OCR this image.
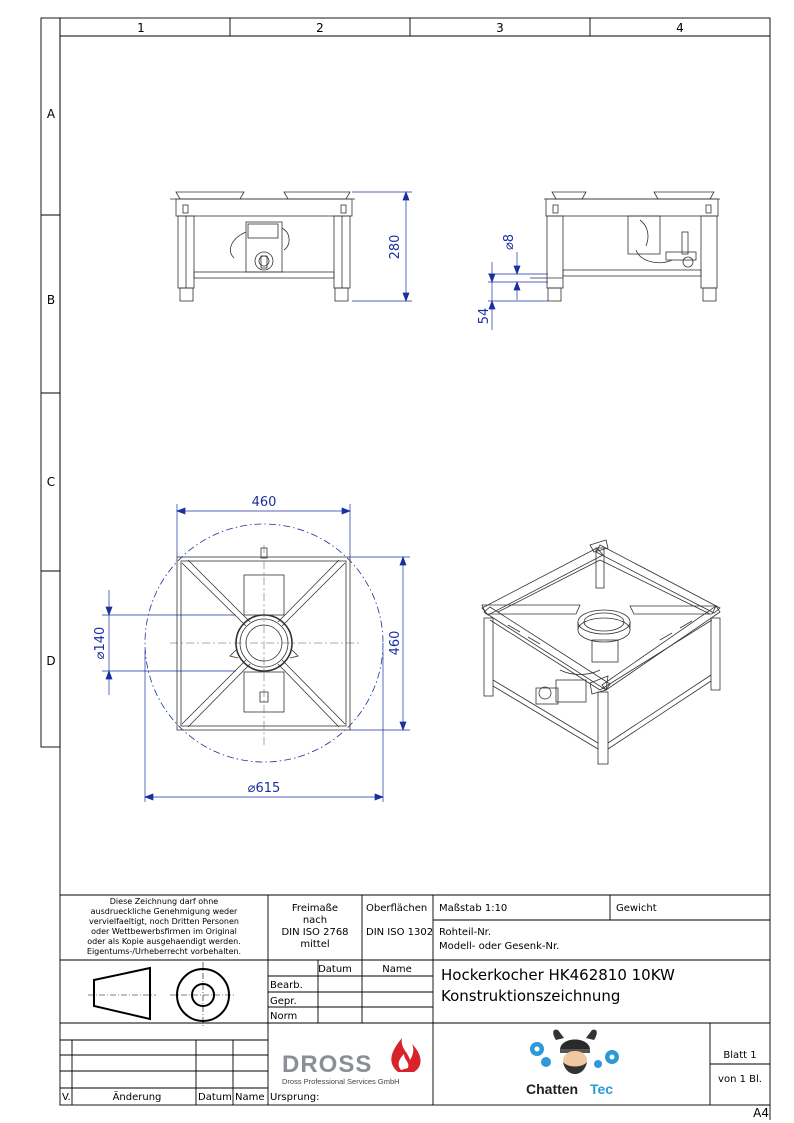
1	2	3	4
A
B
C
D
280	⌀8
54
460
460
⌀140
⌀615
Diese Zeichnung darf ohne
ausdrueckliche Genehmigung weder
vervielfaeltigt, noch Dritten Personen
oder Wettbewerbsfirmen im Original
oder als Kopie ausgehaendigt werden.
Eigentums-/Urheberrecht vorbehalten.
Freimaße
nach
DIN ISO 2768
mittel
Oberflächen
DIN ISO 1302
Maßstab 1:10	Gewicht
Rohteil-Nr.
Modell- oder Gesenk-Nr.
Datum	Name
Bearb.
Gepr.
Norm
Hockerkocher HK462810 10KW
Konstruktionszeichnung
V.	Änderung	Datum Name Ursprung:
DROSS
Dross Professional Services GmbH	Chatten Tec
Blatt 1
von 1 Bl.
A4
